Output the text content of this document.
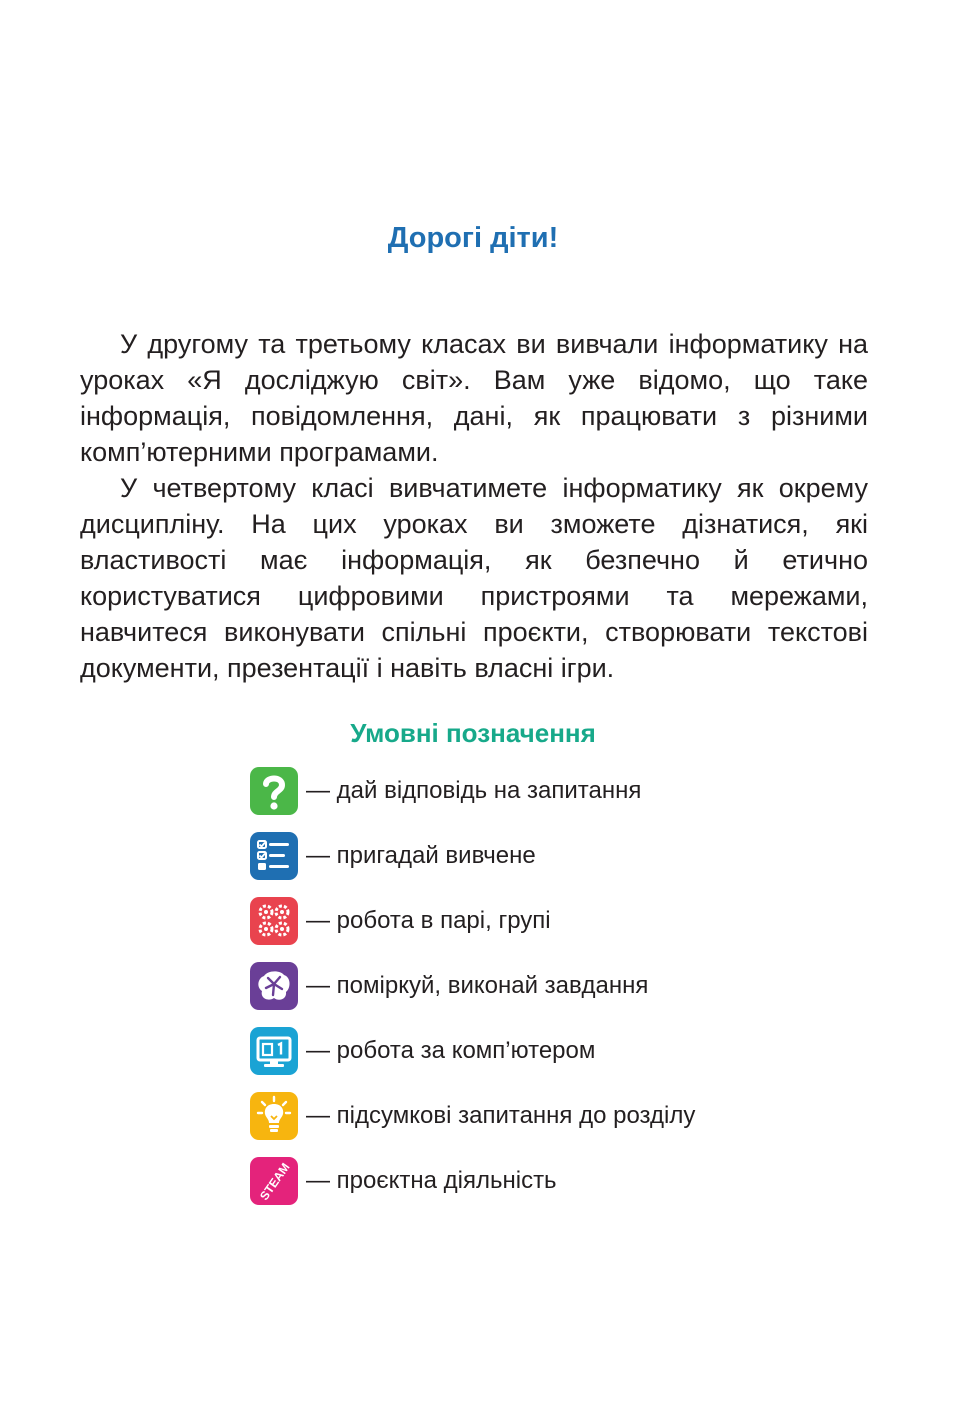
Дорогі діти!

У другому та третьому класах ви вивчали інформатику на уроках «Я досліджую світ». Вам уже відомо, що таке інформація, повідомлення, дані, як працювати з різними комп’ютерними програмами.

У четвертому класі вивчатимете інформатику як окрему дисципліну. На цих уроках ви зможете дізнатися, які властивості має інформація, як безпечно й етично користуватися цифровими пристроями та мережами, навчитеся виконувати спільні проєкти, створювати текстові документи, презентації і навіть власні ігри.

Умовні позначення
— дай відповідь на запитання
— пригадай вивчене
— робота в парі, групі
— поміркуй, виконай завдання
— робота за комп’ютером
— підсумкові запитання до розділу
STEAM — проєктна діяльність
